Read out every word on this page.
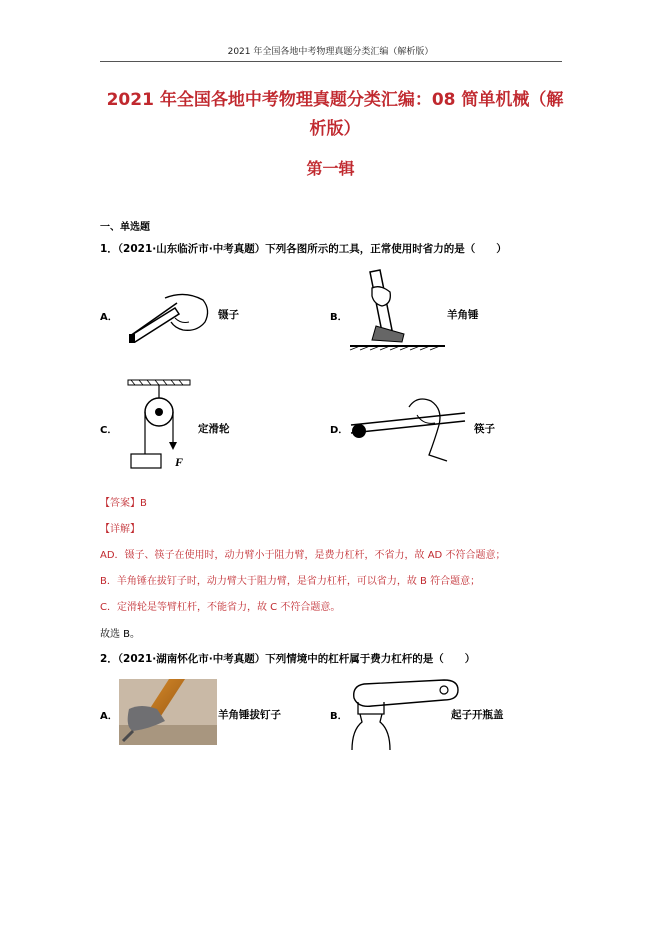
2021 年全国各地中考物理真题分类汇编（解析版）
2021 年全国各地中考物理真题分类汇编：08 简单机械（解
析版）
第一辑
一、单选题
1．（2021·山东临沂市·中考真题）下列各图所示的工具，正常使用时省力的是（　　）
A．	镊子	B．	羊角锤
C．
F
定滑轮	D．	筷子
【答案】B
【详解】
AD．镊子、筷子在使用时，动力臂小于阻力臂，是费力杠杆，不省力，故 AD 不符合题意；
B．羊角锤在拔钉子时，动力臂大于阻力臂，是省力杠杆，可以省力，故 B 符合题意；
C．定滑轮是等臂杠杆，不能省力，故 C 不符合题意。
故选 B。
2．（2021·湖南怀化市·中考真题）下列情境中的杠杆属于费力杠杆的是（　　）
A．	羊角锤拔钉子	B．	起子开瓶盖
